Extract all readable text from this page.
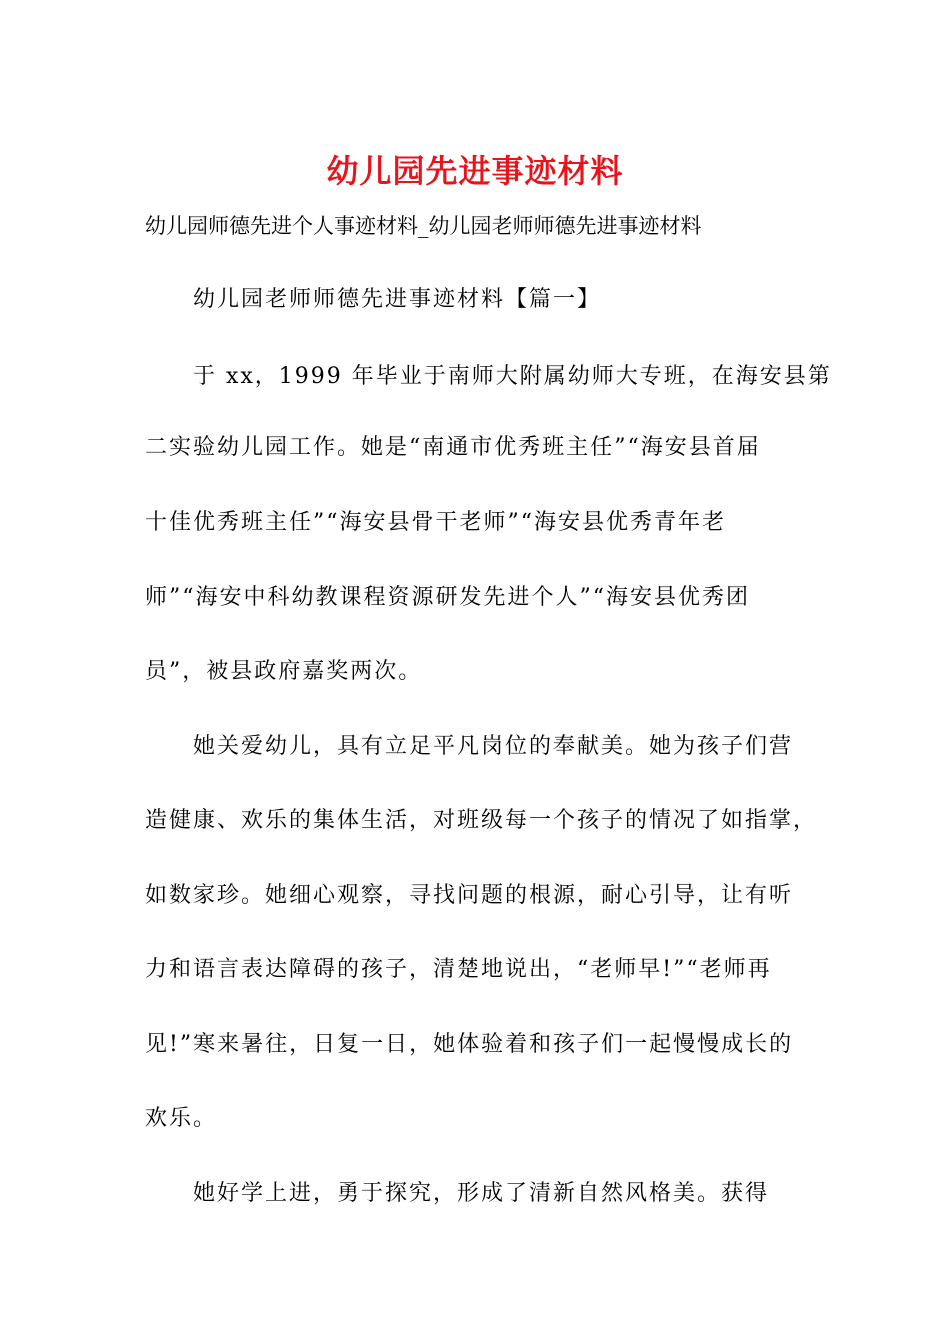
幼儿园先进事迹材料
幼儿园师德先进个人事迹材料_幼儿园老师师德先进事迹材料
幼儿园老师师德先进事迹材料【篇一】
于 xx，1999 年毕业于南师大附属幼师大专班，在海安县第
二实验幼儿园工作。她是“南通市优秀班主任”“海安县首届
十佳优秀班主任”“海安县骨干老师”“海安县优秀青年老
师”“海安中科幼教课程资源研发先进个人”“海安县优秀团
员”，被县政府嘉奖两次。
她关爱幼儿，具有立足平凡岗位的奉献美。她为孩子们营
造健康、欢乐的集体生活，对班级每一个孩子的情况了如指掌，
如数家珍。她细心观察，寻找问题的根源，耐心引导，让有听
力和语言表达障碍的孩子，清楚地说出，“老师早!”“老师再
见!”寒来暑往，日复一日，她体验着和孩子们一起慢慢成长的
欢乐。
她好学上进，勇于探究，形成了清新自然风格美。获得
